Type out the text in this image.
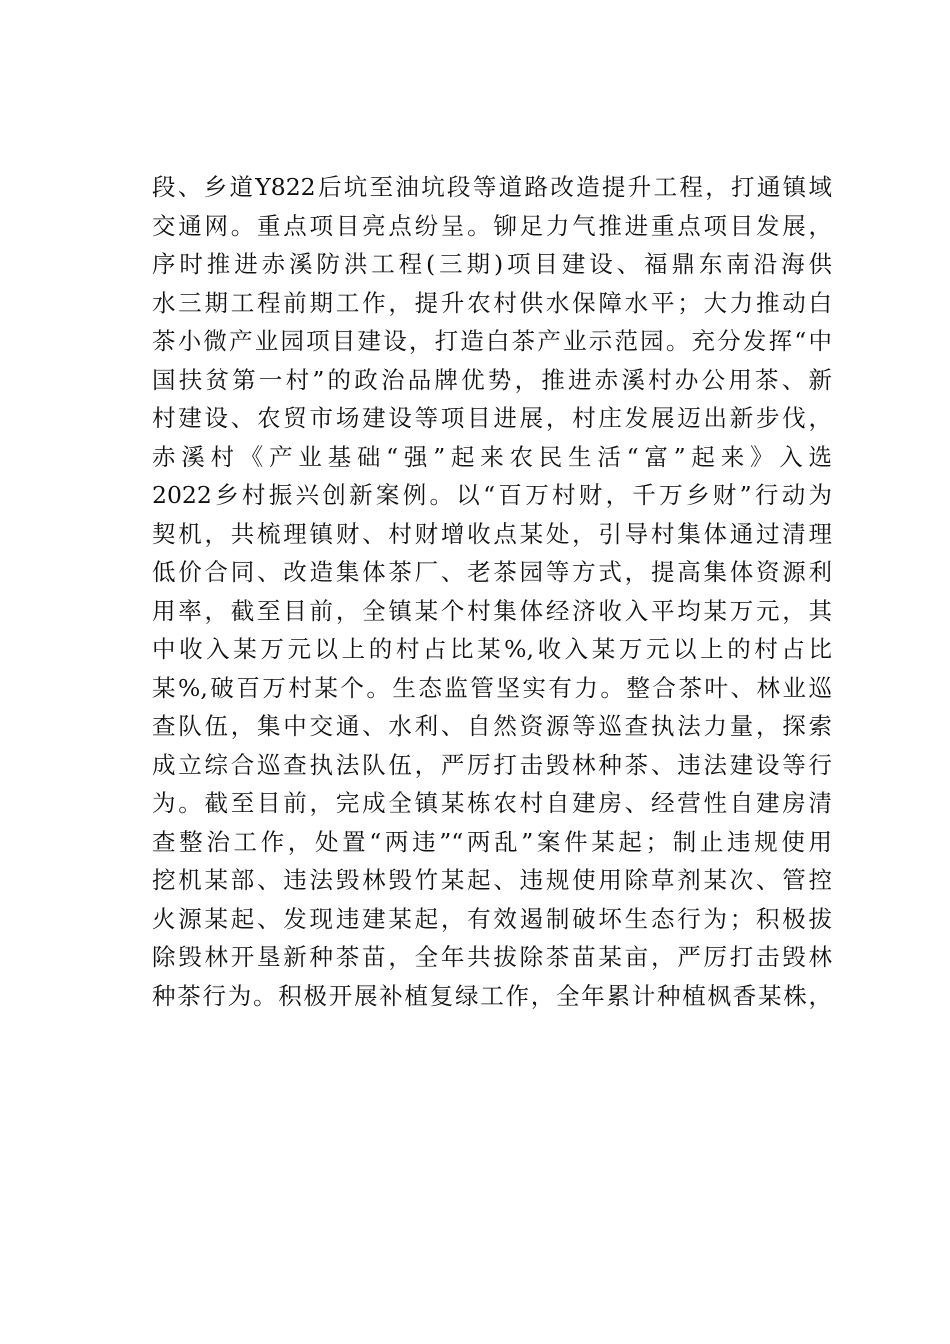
段、乡道Y822后坑至油坑段等道路改造提升工程，打通镇域
交通网。重点项目亮点纷呈。铆足力气推进重点项目发展，
序时推进赤溪防洪工程(三期)项目建设、福鼎东南沿海供
水三期工程前期工作，提升农村供水保障水平；大力推动白
茶小微产业园项目建设，打造白茶产业示范园。充分发挥“中
国扶贫第一村”的政治品牌优势，推进赤溪村办公用茶、新
村建设、农贸市场建设等项目进展，村庄发展迈出新步伐，
赤溪村《产业基础“强”起来农民生活“富”起来》入选
2022乡村振兴创新案例。以“百万村财，千万乡财”行动为
契机，共梳理镇财、村财增收点某处，引导村集体通过清理
低价合同、改造集体茶厂、老茶园等方式，提高集体资源利
用率，截至目前，全镇某个村集体经济收入平均某万元，其
中收入某万元以上的村占比某%,收入某万元以上的村占比
某%,破百万村某个。生态监管坚实有力。整合茶叶、林业巡
查队伍，集中交通、水利、自然资源等巡查执法力量，探索
成立综合巡查执法队伍，严厉打击毁林种茶、违法建设等行
为。截至目前，完成全镇某栋农村自建房、经营性自建房清
查整治工作，处置“两违”“两乱”案件某起；制止违规使用
挖机某部、违法毁林毁竹某起、违规使用除草剂某次、管控
火源某起、发现违建某起，有效遏制破坏生态行为；积极拔
除毁林开垦新种茶苗，全年共拔除茶苗某亩，严厉打击毁林
种茶行为。积极开展补植复绿工作，全年累计种植枫香某株，
